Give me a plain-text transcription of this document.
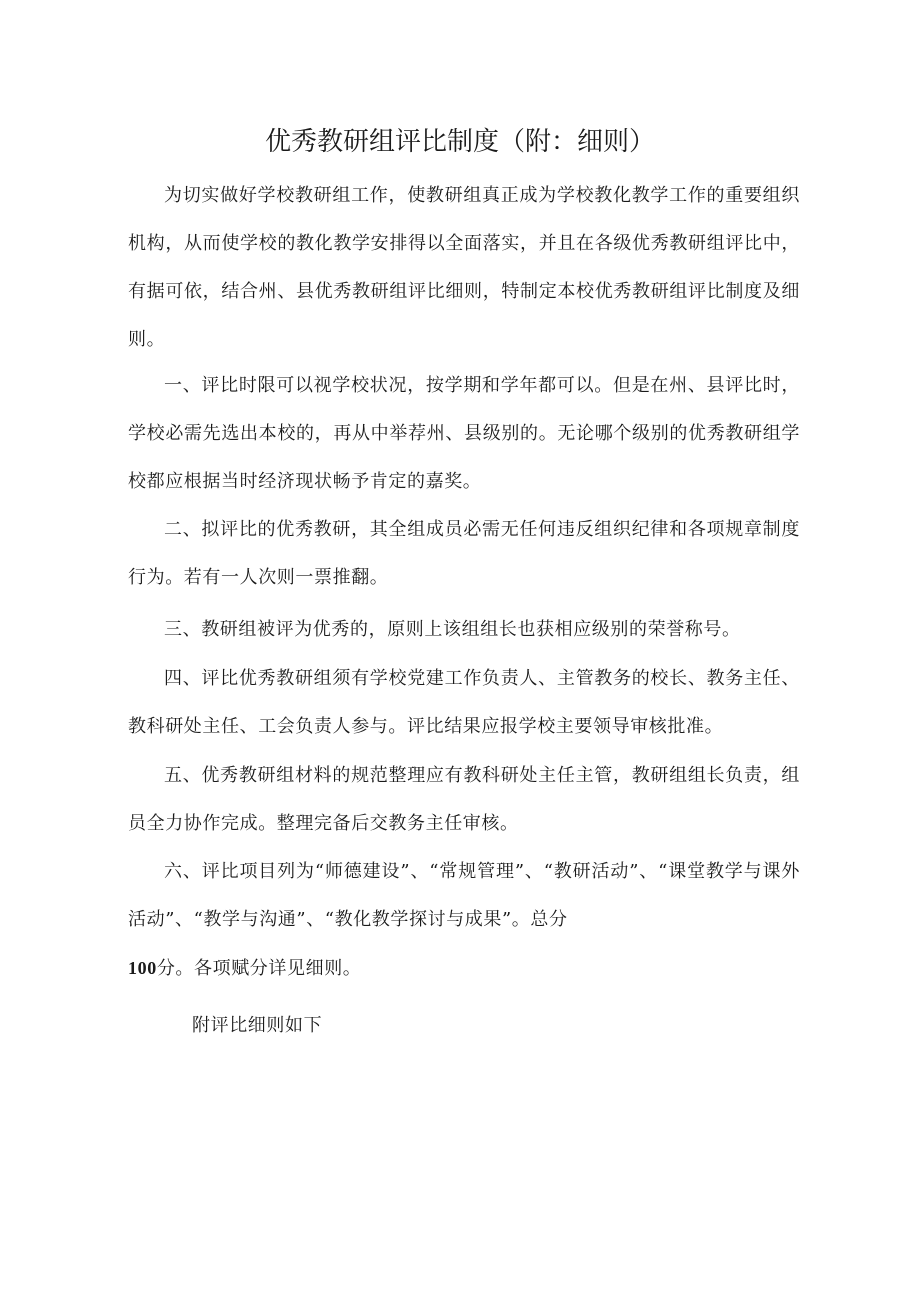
优秀教研组评比制度（附：细则）

为切实做好学校教研组工作，使教研组真正成为学校教化教学工作的重要组织机构，从而使学校的教化教学安排得以全面落实，并且在各级优秀教研组评比中，有据可依，结合州、县优秀教研组评比细则，特制定本校优秀教研组评比制度及细则。

一、评比时限可以视学校状况，按学期和学年都可以。但是在州、县评比时，学校必需先选出本校的，再从中举荐州、县级别的。无论哪个级别的优秀教研组学校都应根据当时经济现状畅予肯定的嘉奖。

二、拟评比的优秀教研，其全组成员必需无任何违反组织纪律和各项规章制度行为。若有一人次则一票推翻。

三、教研组被评为优秀的，原则上该组组长也获相应级别的荣誉称号。

四、评比优秀教研组须有学校党建工作负责人、主管教务的校长、教务主任、教科研处主任、工会负责人参与。评比结果应报学校主要领导审核批准。

五、优秀教研组材料的规范整理应有教科研处主任主管，教研组组长负责，组员全力协作完成。整理完备后交教务主任审核。

六、评比项目列为“师德建设”、“常规管理”、“教研活动”、“课堂教学与课外活动”、“教学与沟通”、“教化教学探讨与成果”。总分

100分。各项赋分详见细则。

附评比细则如下
